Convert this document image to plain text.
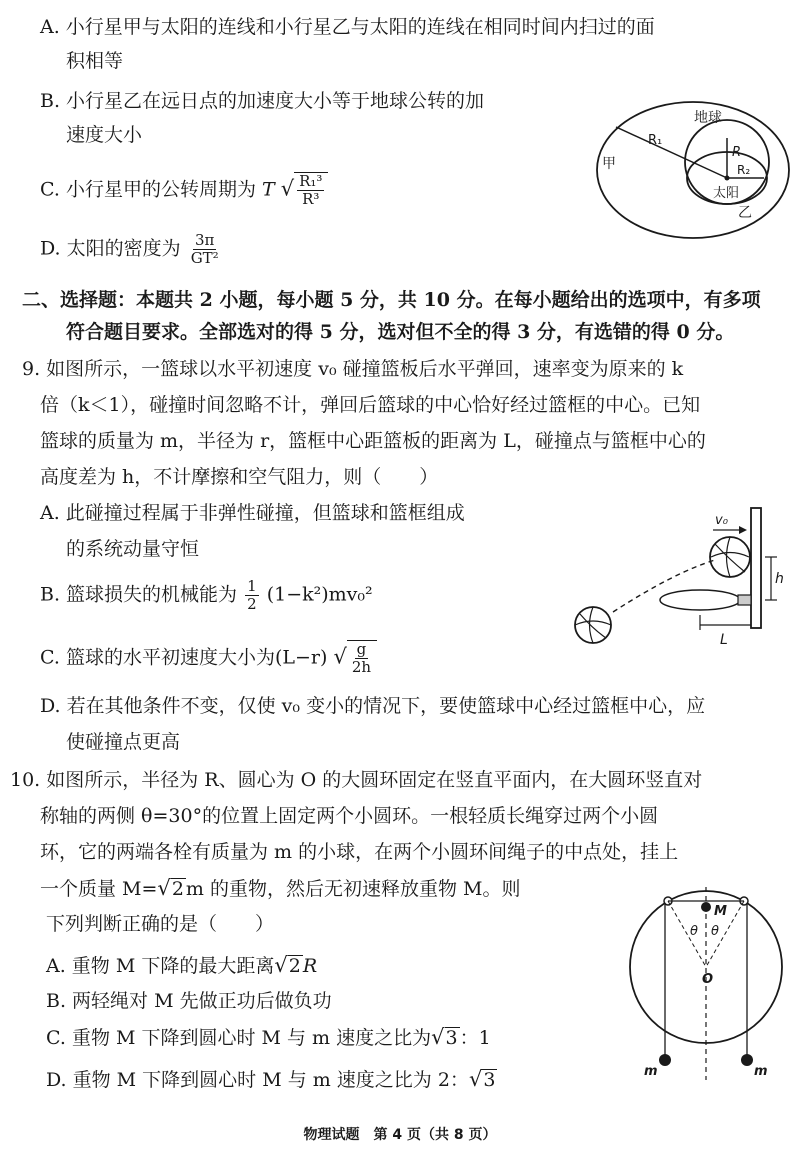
A. 小行星甲与太阳的连线和小行星乙与太阳的连线在相同时间内扫过的面
积相等
B. 小行星乙在远日点的加速度大小等于地球公转的加
速度大小
C. 小行星甲的公转周期为 T √ $\frac{\text{R₁³}}{\text{R³}}$
D. 太阳的密度为 $\frac{3\pi}{\text{GT²}}$
R₁
地球
R
R₂
太阳
甲
乙
二、选择题：本题共 2 小题，每小题 5 分，共 10 分。在每小题给出的选项中，有多项
符合题目要求。全部选对的得 5 分，选对但不全的得 3 分，有选错的得 0 分。
9. 如图所示，一篮球以水平初速度 v₀ 碰撞篮板后水平弹回，速率变为原来的 k
倍（k＜1），碰撞时间忽略不计，弹回后篮球的中心恰好经过篮框的中心。已知
篮球的质量为 m，半径为 r，篮框中心距篮板的距离为 L，碰撞点与篮框中心的
高度差为 h，不计摩擦和空气阻力，则（　　）
A. 此碰撞过程属于非弹性碰撞，但篮球和篮框组成
的系统动量守恒
B. 篮球损失的机械能为 $\frac{1}{2} (1-k^2)mv_0^2$
C. 篮球的水平初速度大小为(L−r) √ $\frac{g}{2h}$
D. 若在其他条件不变，仅使 v₀ 变小的情况下，要使篮球中心经过篮框中心，应
使碰撞点更高
v₀
h
L
10. 如图所示，半径为 R、圆心为 O 的大圆环固定在竖直平面内，在大圆环竖直对
称轴的两侧 θ=30°的位置上固定两个小圆环。一根轻质长绳穿过两个小圆
环，它的两端各栓有质量为 m 的小球，在两个小圆环间绳子的中点处，挂上
一个质量 M=√2 m 的重物，然后无初速释放重物 M。则
下列判断正确的是（　　）
A. 重物 M 下降的最大距离√2 R
B. 两轻绳对 M 先做正功后做负功
C. 重物 M 下降到圆心时 M 与 m 速度之比为√3 ：1
D. 重物 M 下降到圆心时 M 与 m 速度之比为 2：√3
M
θ θ
O
m	m
物理试题　第 4 页（共 8 页）
